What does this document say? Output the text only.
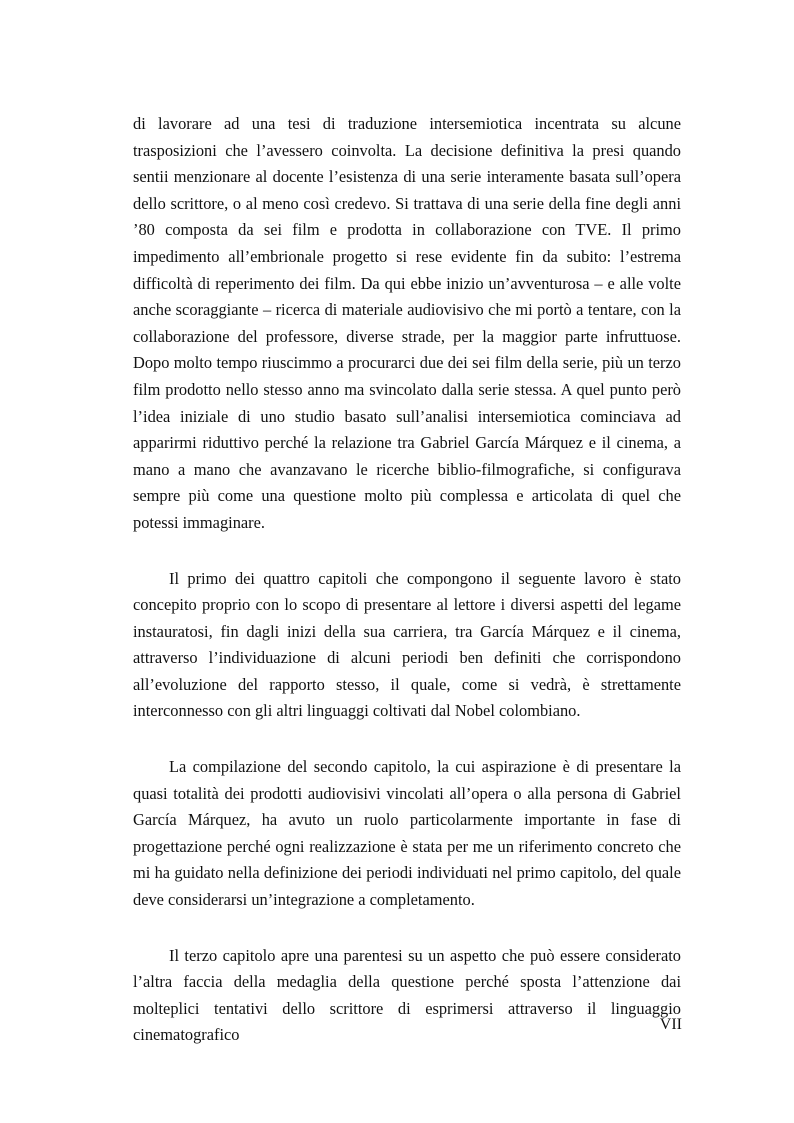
di lavorare ad una tesi di traduzione intersemiotica incentrata su alcune trasposizioni che l’avessero coinvolta. La decisione definitiva la presi quando sentii menzionare al docente l’esistenza di una serie interamente basata sull’opera dello scrittore, o al meno così credevo. Si trattava di una serie della fine degli anni ’80 composta da sei film e prodotta in collaborazione con TVE. Il primo impedimento all’embrionale progetto si rese evidente fin da subito: l’estrema difficoltà di reperimento dei film. Da qui ebbe inizio un’avventurosa – e alle volte anche scoraggiante – ricerca di materiale audiovisivo che mi portò a tentare, con la collaborazione del professore, diverse strade, per la maggior parte infruttuose. Dopo molto tempo riuscimmo a procurarci due dei sei film della serie, più un terzo film prodotto nello stesso anno ma svincolato dalla serie stessa. A quel punto però l’idea iniziale di uno studio basato sull’analisi intersemiotica cominciava ad apparirmi riduttivo perché la relazione tra Gabriel García Márquez e il cinema, a mano a mano che avanzavano le ricerche biblio-filmografiche, si configurava sempre più come una questione molto più complessa e articolata di quel che potessi immaginare.

Il primo dei quattro capitoli che compongono il seguente lavoro è stato concepito proprio con lo scopo di presentare al lettore i diversi aspetti del legame instauratosi, fin dagli inizi della sua carriera, tra García Márquez e il cinema, attraverso l’individuazione di alcuni periodi ben definiti che corrispondono all’evoluzione del rapporto stesso, il quale, come si vedrà, è strettamente interconnesso con gli altri linguaggi coltivati dal Nobel colombiano.

La compilazione del secondo capitolo, la cui aspirazione è di presentare la quasi totalità dei prodotti audiovisivi vincolati all’opera o alla persona di Gabriel García Márquez, ha avuto un ruolo particolarmente importante in fase di progettazione perché ogni realizzazione è stata per me un riferimento concreto che mi ha guidato nella definizione dei periodi individuati nel primo capitolo, del quale deve considerarsi un’integrazione a completamento.

Il terzo capitolo apre una parentesi su un aspetto che può essere considerato l’altra faccia della medaglia della questione perché sposta l’attenzione dai molteplici tentativi dello scrittore di esprimersi attraverso il linguaggio cinematografico

VII
